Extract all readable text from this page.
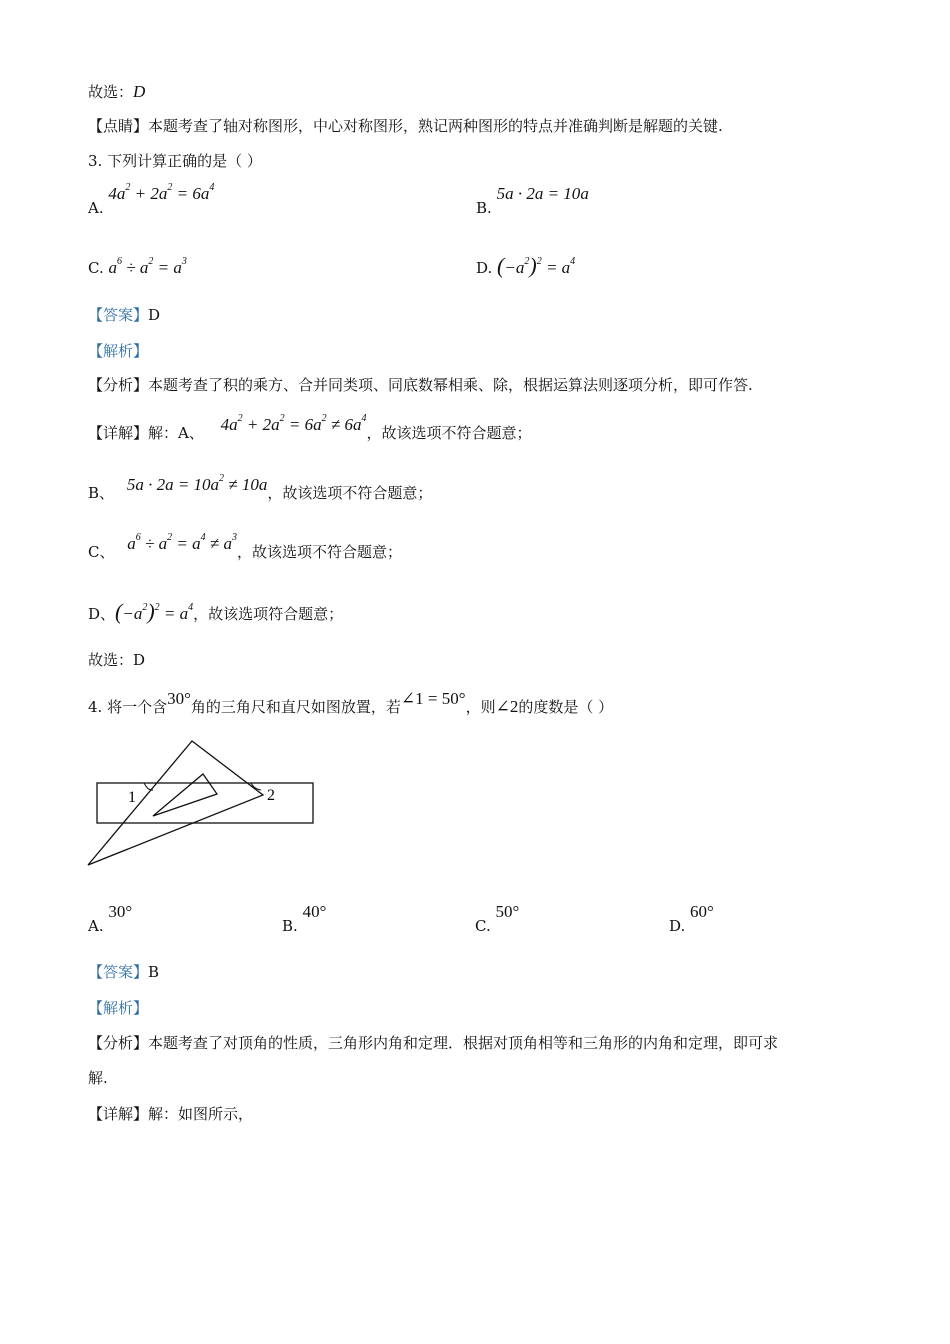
故选：D
【点睛】本题考查了轴对称图形，中心对称图形，熟记两种图形的特点并准确判断是解题的关键.
3. 下列计算正确的是（ ）
A. $4a^2 + 2a^2 = 6a^4$
B. 5a · 2a = 10a
C. $a^6 \div a^2 = a^3$	D. $(-a^2)^2 = a^4$
【答案】D
【解析】
【分析】本题考查了积的乘方、合并同类项、同底数幂相乘、除，根据运算法则逐项分析，即可作答.
【详解】解：A、 $4a^2 + 2a^2 = 6a^2 \ne 6a^4$，故该选项不符合题意；
B、 $5a \cdot 2a = 10a^2 \ne 10a$，故该选项不符合题意；
C、 $a^6 \div a^2 = a^4 \ne a^3$，故该选项不符合题意；
D、$(-a^2)^2 = a^4$，故该选项符合题意；
故选：D
4. 将一个含30°角的三角尺和直尺如图放置，若∠1 = 50°，则∠2的度数是（ ）
1	2
A. 30°
B. 40°
C. 50°
D. 60°
【答案】B
【解析】
【分析】本题考查了对顶角的性质，三角形内角和定理．根据对顶角相等和三角形的内角和定理，即可求
解.
【详解】解：如图所示，
